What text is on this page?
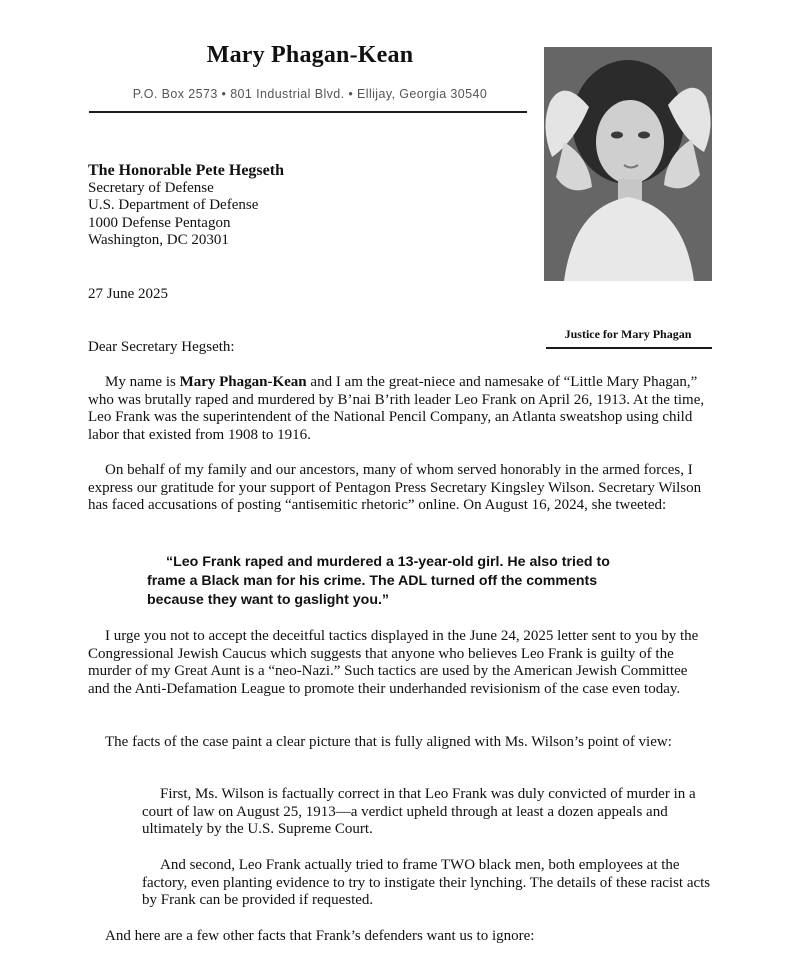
Mary Phagan-Kean
P.O. Box 2573 • 801 Industrial Blvd. • Ellijay, Georgia 30540
Justice for Mary Phagan
The Honorable Pete Hegseth
Secretary of Defense
U.S. Department of Defense
1000 Defense Pentagon
Washington, DC 20301
27 June 2025
Dear Secretary Hegseth:
My name is Mary Phagan-Kean and I am the great-niece and namesake of “Little Mary Phagan,” who was brutally raped and murdered by B’nai B’rith leader Leo Frank on April 26, 1913. At the time, Leo Frank was the superintendent of the National Pencil Company, an Atlanta sweatshop using child labor that existed from 1908 to 1916.
On behalf of my family and our ancestors, many of whom served honorably in the armed forces, I express our gratitude for your support of Pentagon Press Secretary Kingsley Wilson. Secretary Wilson has faced accusations of posting “antisemitic rhetoric” online. On August 16, 2024, she tweeted:
“Leo Frank raped and murdered a 13-year-old girl. He also tried to frame a Black man for his crime. The ADL turned off the comments because they want to gaslight you.”
I urge you not to accept the deceitful tactics displayed in the June 24, 2025 letter sent to you by the Congressional Jewish Caucus which suggests that anyone who believes Leo Frank is guilty of the murder of my Great Aunt is a “neo-Nazi.” Such tactics are used by the American Jewish Committee and the Anti-Defamation League to promote their underhanded revisionism of the case even today.
The facts of the case paint a clear picture that is fully aligned with Ms. Wilson’s point of view:
First, Ms. Wilson is factually correct in that Leo Frank was duly convicted of murder in a court of law on August 25, 1913—a verdict upheld through at least a dozen appeals and ultimately by the U.S. Supreme Court.
And second, Leo Frank actually tried to frame TWO black men, both employees at the factory, even planting evidence to try to instigate their lynching. The details of these racist acts by Frank can be provided if requested.
And here are a few other facts that Frank’s defenders want us to ignore:
